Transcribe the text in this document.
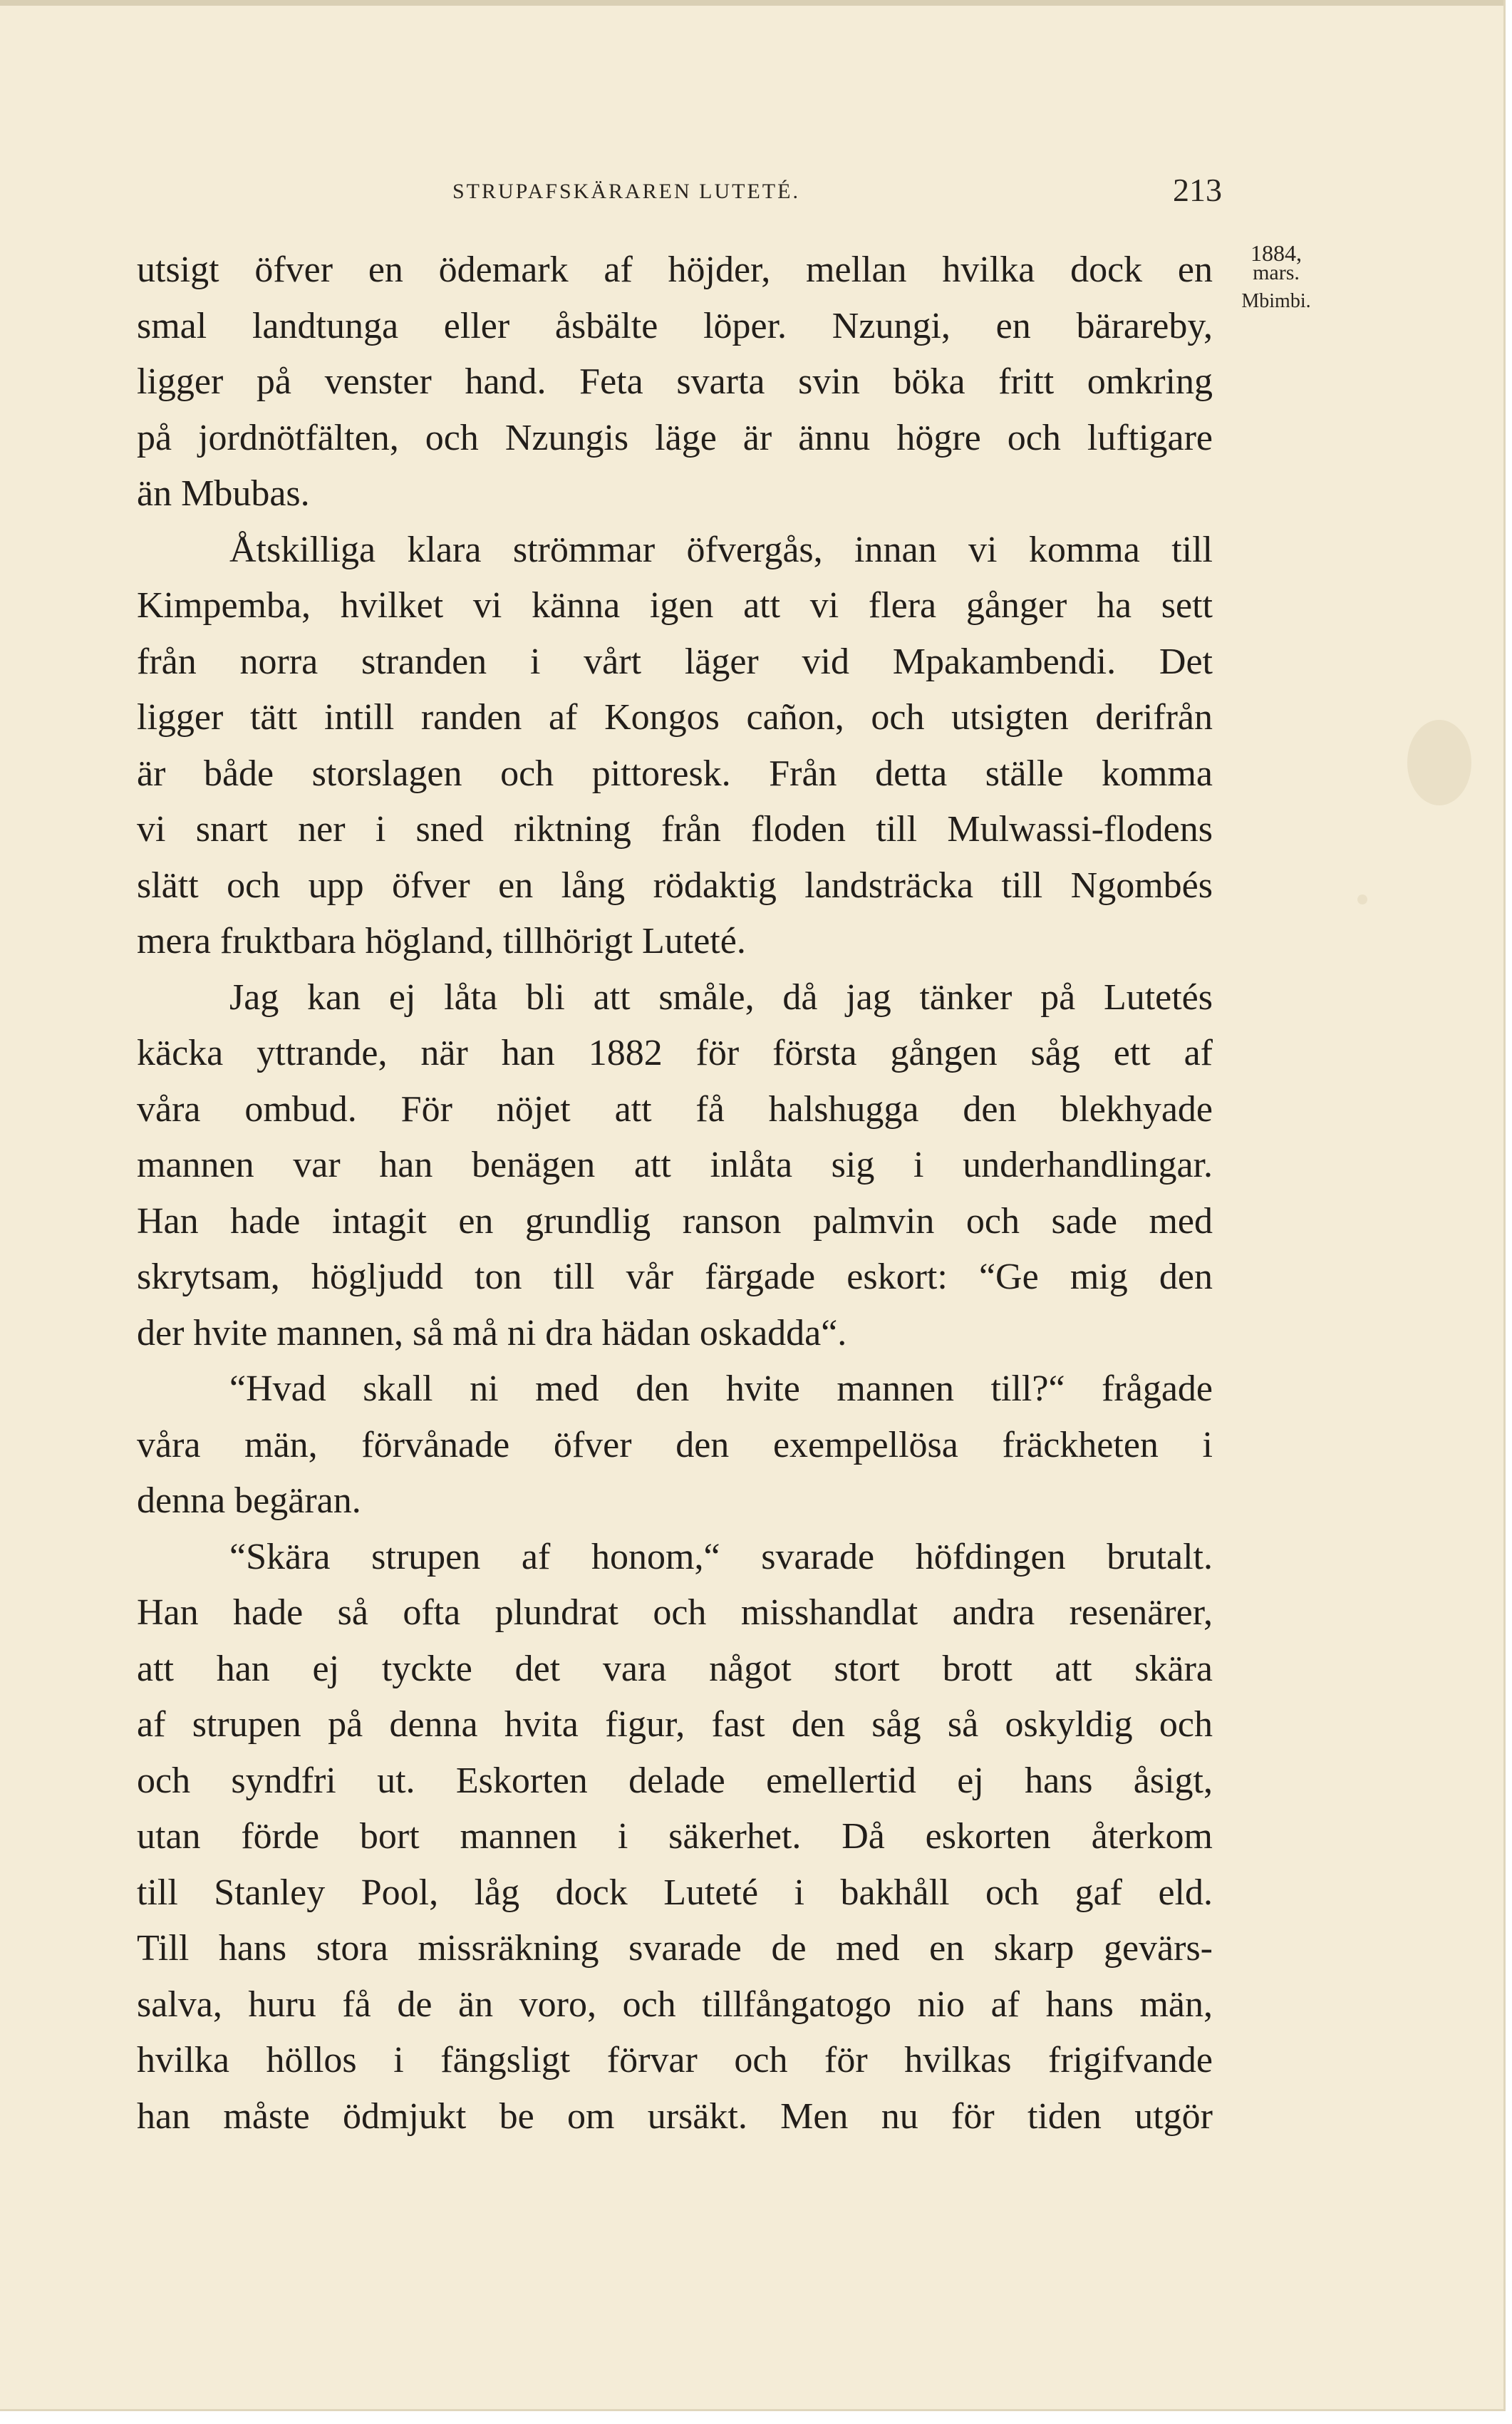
STRUPAFSKÄRAREN LUTETÉ.	213
1884,
mars.
Mbimbi.
utsigt öfver en ödemark af höjder, mellan hvilka dock en
smal landtunga eller åsbälte löper. Nzungi, en bärareby,
ligger på venster hand. Feta svarta svin böka fritt omkring
på jordnötfälten, och Nzungis läge är ännu högre och luftigare
än Mbubas.
Åtskilliga klara strömmar öfvergås, innan vi komma till
Kimpemba, hvilket vi känna igen att vi flera gånger ha sett
från norra stranden i vårt läger vid Mpakambendi. Det
ligger tätt intill randen af Kongos cañon, och utsigten derifrån
är både storslagen och pittoresk. Från detta ställe komma
vi snart ner i sned riktning från floden till Mulwassi-flodens
slätt och upp öfver en lång rödaktig landsträcka till Ngombés
mera fruktbara högland, tillhörigt Luteté.
Jag kan ej låta bli att småle, då jag tänker på Lutetés
käcka yttrande, när han 1882 för första gången såg ett af
våra ombud. För nöjet att få halshugga den blekhyade
mannen var han benägen att inlåta sig i underhandlingar.
Han hade intagit en grundlig ranson palmvin och sade med
skrytsam, högljudd ton till vår färgade eskort: “Ge mig den
der hvite mannen, så må ni dra hädan oskadda“.
“Hvad skall ni med den hvite mannen till?“ frågade
våra män, förvånade öfver den exempellösa fräckheten i
denna begäran.
“Skära strupen af honom,“ svarade höfdingen brutalt.
Han hade så ofta plundrat och misshandlat andra resenärer,
att han ej tyckte det vara något stort brott att skära
af strupen på denna hvita figur, fast den såg så oskyldig och
och syndfri ut. Eskorten delade emellertid ej hans åsigt,
utan förde bort mannen i säkerhet. Då eskorten återkom
till Stanley Pool, låg dock Luteté i bakhåll och gaf eld.
Till hans stora missräkning svarade de med en skarp gevärs-
salva, huru få de än voro, och tillfångatogo nio af hans män,
hvilka höllos i fängsligt förvar och för hvilkas frigifvande
han måste ödmjukt be om ursäkt. Men nu för tiden utgör
